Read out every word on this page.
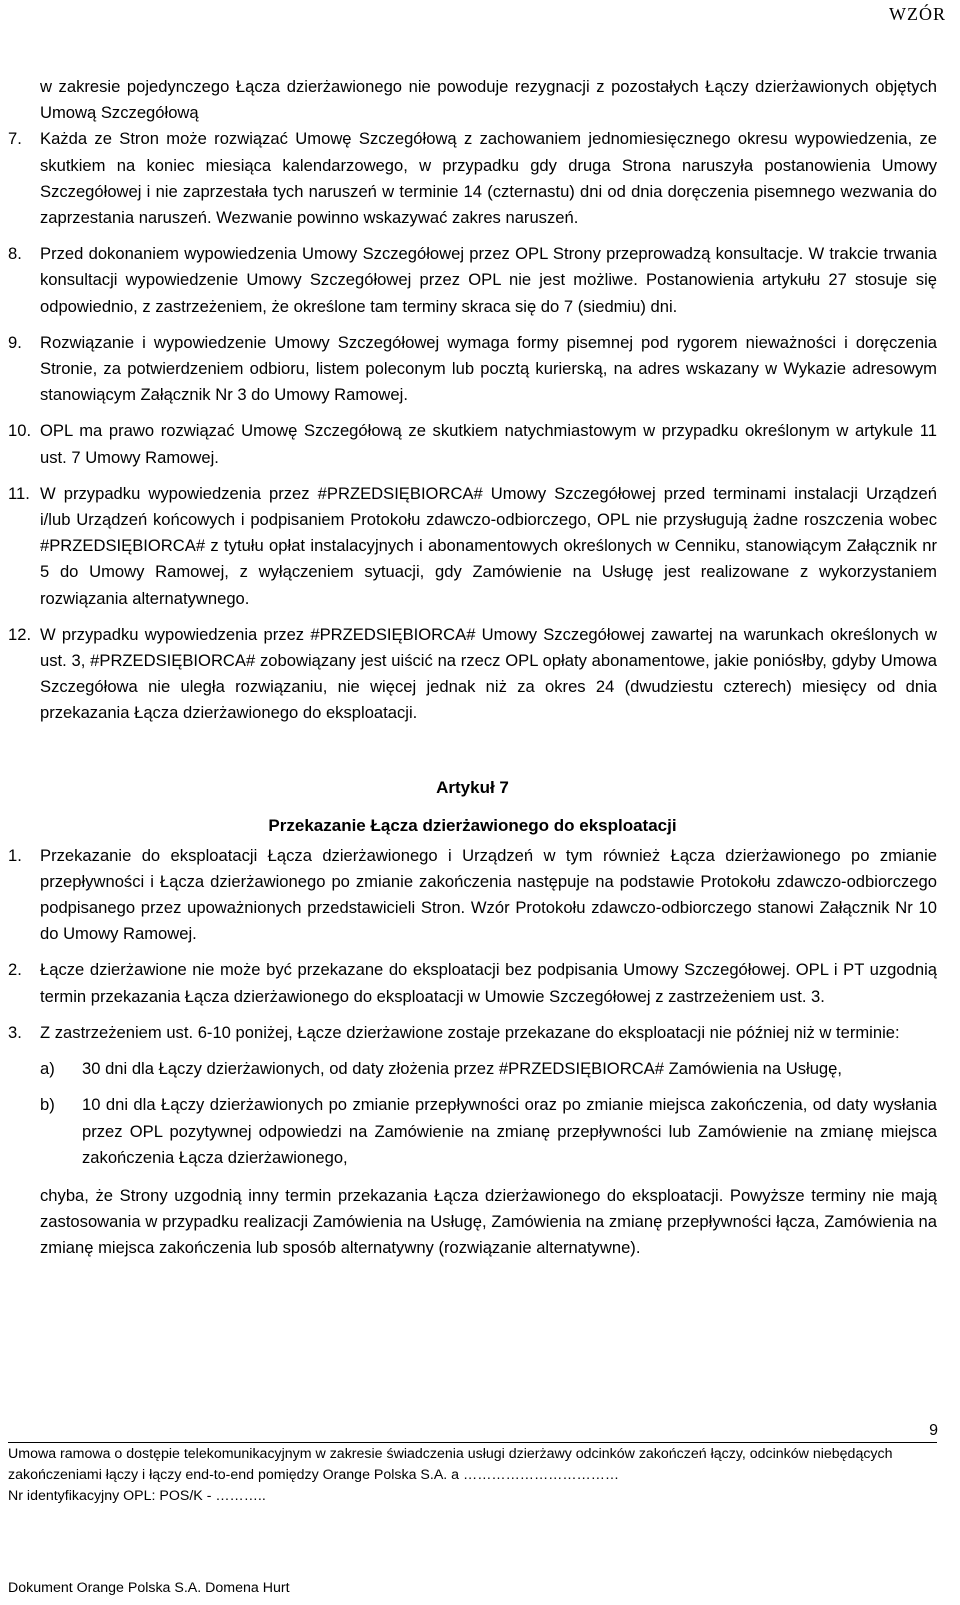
WZÓR

w zakresie pojedynczego Łącza dzierżawionego nie powoduje rezygnacji z pozostałych Łączy dzierżawionych objętych Umową Szczegółową

7.	Każda ze Stron może rozwiązać Umowę Szczegółową z zachowaniem jednomiesięcznego okresu wypowiedzenia, ze skutkiem na koniec miesiąca kalendarzowego, w przypadku gdy druga Strona naruszyła postanowienia Umowy Szczegółowej i nie zaprzestała tych naruszeń w terminie 14 (czternastu) dni od dnia doręczenia pisemnego wezwania do zaprzestania naruszeń. Wezwanie powinno wskazywać zakres naruszeń.
8.	Przed dokonaniem wypowiedzenia Umowy Szczegółowej przez OPL Strony przeprowadzą konsultacje. W trakcie trwania konsultacji wypowiedzenie Umowy Szczegółowej przez OPL nie jest możliwe. Postanowienia artykułu 27 stosuje się odpowiednio, z zastrzeżeniem, że określone tam terminy skraca się do 7 (siedmiu) dni.
9.	Rozwiązanie i wypowiedzenie Umowy Szczegółowej wymaga formy pisemnej pod rygorem nieważności i doręczenia Stronie, za potwierdzeniem odbioru, listem poleconym lub pocztą kurierską, na adres wskazany w Wykazie adresowym stanowiącym Załącznik Nr 3 do Umowy Ramowej.
10. OPL ma prawo rozwiązać Umowę Szczegółową ze skutkiem natychmiastowym w przypadku określonym w artykule 11 ust. 7 Umowy Ramowej.
11. W przypadku wypowiedzenia przez #PRZEDSIĘBIORCA# Umowy Szczegółowej przed terminami instalacji Urządzeń i/lub Urządzeń końcowych i podpisaniem Protokołu zdawczo-odbiorczego, OPL nie przysługują żadne roszczenia wobec #PRZEDSIĘBIORCA# z tytułu opłat instalacyjnych i abonamentowych określonych w Cenniku, stanowiącym Załącznik nr 5 do Umowy Ramowej, z wyłączeniem sytuacji, gdy Zamówienie na Usługę jest realizowane z wykorzystaniem rozwiązania alternatywnego.
12. W przypadku wypowiedzenia przez #PRZEDSIĘBIORCA# Umowy Szczegółowej zawartej na warunkach określonych w ust. 3, #PRZEDSIĘBIORCA# zobowiązany jest uiścić na rzecz OPL opłaty abonamentowe, jakie poniósłby, gdyby Umowa Szczegółowa nie uległa rozwiązaniu, nie więcej jednak niż za okres 24 (dwudziestu czterech) miesięcy od dnia przekazania Łącza dzierżawionego do eksploatacji.
Artykuł 7
Przekazanie Łącza dzierżawionego do eksploatacji
1.	Przekazanie do eksploatacji Łącza dzierżawionego i Urządzeń w tym również Łącza dzierżawionego po zmianie przepływności i Łącza dzierżawionego po zmianie zakończenia następuje na podstawie Protokołu zdawczo-odbiorczego podpisanego przez upoważnionych przedstawicieli Stron. Wzór Protokołu zdawczo-odbiorczego stanowi Załącznik Nr 10 do Umowy Ramowej.
2.	Łącze dzierżawione nie może być przekazane do eksploatacji bez podpisania Umowy Szczegółowej. OPL i PT uzgodnią termin przekazania Łącza dzierżawionego do eksploatacji w Umowie Szczegółowej z zastrzeżeniem ust. 3.
3.	Z zastrzeżeniem ust. 6-10 poniżej, Łącze dzierżawione zostaje przekazane do eksploatacji nie później niż w terminie:
a)	30 dni dla Łączy dzierżawionych, od daty złożenia przez #PRZEDSIĘBIORCA# Zamówienia na Usługę,
b)	10 dni dla Łączy dzierżawionych po zmianie przepływności oraz po zmianie miejsca zakończenia, od daty wysłania przez OPL pozytywnej odpowiedzi na Zamówienie na zmianę przepływności lub Zamówienie na zmianę miejsca zakończenia Łącza dzierżawionego,

chyba, że Strony uzgodnią inny termin przekazania Łącza dzierżawionego do eksploatacji. Powyższe terminy nie mają zastosowania w przypadku realizacji Zamówienia na Usługę, Zamówienia na zmianę przepływności łącza, Zamówienia na zmianę miejsca zakończenia lub sposób alternatywny (rozwiązanie alternatywne).

9
Umowa ramowa o dostępie telekomunikacyjnym w zakresie świadczenia usługi dzierżawy odcinków zakończeń łączy, odcinków niebędących zakończeniami łączy i łączy end-to-end pomiędzy Orange Polska S.A. a ……………………………
Nr identyfikacyjny OPL: POS/K - ………..
Dokument Orange Polska S.A. Domena Hurt
